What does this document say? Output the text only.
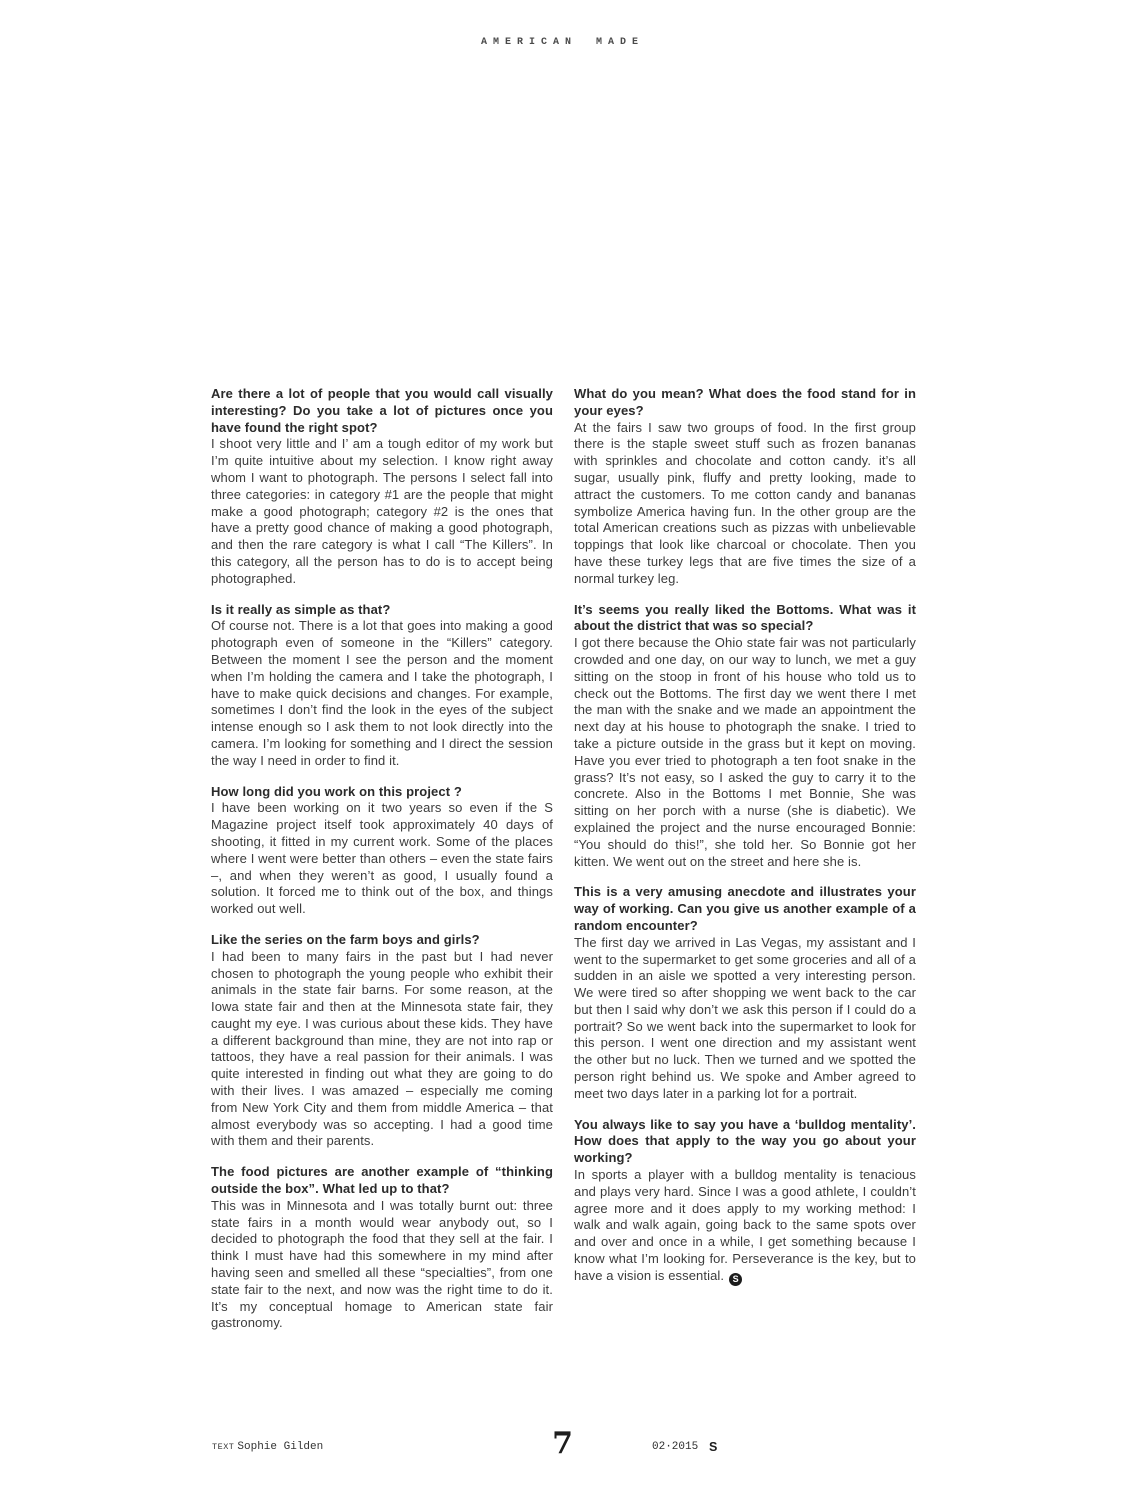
AMERICAN MADE
Are there a lot of people that you would call visually interesting? Do you take a lot of pictures once you have found the right spot?

I shoot very little and I’ am a tough editor of my work but I’m quite intuitive about my selection. I know right away whom I want to photograph. The persons I select fall into three categories: in category #1 are the people that might make a good photograph; category #2 is the ones that have a pretty good chance of making a good photograph, and then the rare category is what I call “The Killers”. In this category, all the person has to do is to accept being photographed.

Is it really as simple as that?

Of course not. There is a lot that goes into making a good photograph even of someone in the “Killers” category. Between the moment I see the person and the moment when I’m holding the camera and I take the photograph, I have to make quick decisions and changes. For example, sometimes I don’t find the look in the eyes of the subject intense enough so I ask them to not look directly into the camera. I’m looking for something and I direct the session the way I need in order to find it.

How long did you work on this project ?

I have been working on it two years so even if the S Magazine project itself took approximately 40 days of shooting, it fitted in my current work. Some of the places where I went were better than others – even the state fairs –, and when they weren’t as good, I usually found a solution. It forced me to think out of the box, and things worked out well.

Like the series on the farm boys and girls?

I had been to many fairs in the past but I had never chosen to photograph the young people who exhibit their animals in the state fair barns. For some reason, at the Iowa state fair and then at the Minnesota state fair, they caught my eye. I was curious about these kids. They have a different background than mine, they are not into rap or tattoos, they have a real passion for their animals. I was quite interested in finding out what they are going to do with their lives. I was amazed – especially me coming from New York City and them from middle America – that almost everybody was so accepting. I had a good time with them and their parents.

The food pictures are another example of “thinking outside the box”. What led up to that?

This was in Minnesota and I was totally burnt out: three state fairs in a month would wear anybody out, so I decided to photograph the food that they sell at the fair. I think I must have had this somewhere in my mind after having seen and smelled all these “specialties”, from one state fair to the next, and now was the right time to do it. It’s my conceptual homage to American state fair gastronomy.

What do you mean? What does the food stand for in your eyes?

At the fairs I saw two groups of food. In the first group there is the staple sweet stuff such as frozen bananas with sprinkles and chocolate and cotton candy. it’s all sugar, usually pink, fluffy and pretty looking, made to attract the customers. To me cotton candy and bananas symbolize America having fun. In the other group are the total American creations such as pizzas with unbelievable toppings that look like charcoal or chocolate. Then you have these turkey legs that are five times the size of a normal turkey leg.

It’s seems you really liked the Bottoms. What was it about the district that was so special?

I got there because the Ohio state fair was not particularly crowded and one day, on our way to lunch, we met a guy sitting on the stoop in front of his house who told us to check out the Bottoms. The first day we went there I met the man with the snake and we made an appointment the next day at his house to photograph the snake. I tried to take a picture outside in the grass but it kept on moving. Have you ever tried to photograph a ten foot snake in the grass? It’s not easy, so I asked the guy to carry it to the concrete. Also in the Bottoms I met Bonnie, She was sitting on her porch with a nurse (she is diabetic). We explained the project and the nurse encouraged Bonnie: “You should do this!”, she told her. So Bonnie got her kitten. We went out on the street and here she is.

This is a very amusing anecdote and illustrates your way of working. Can you give us another example of a random encounter?

The first day we arrived in Las Vegas, my assistant and I went to the supermarket to get some groceries and all of a sudden in an aisle we spotted a very interesting person. We were tired so after shopping we went back to the car but then I said why don’t we ask this person if I could do a portrait? So we went back into the supermarket to look for this person. I went one direction and my assistant went the other but no luck. Then we turned and we spotted the person right behind us. We spoke and Amber agreed to meet two days later in a parking lot for a portrait.

You always like to say you have a ‘bulldog mentality’. How does that apply to the way you go about your working?

In sports a player with a bulldog mentality is tenacious and plays very hard. Since I was a good athlete, I couldn’t agree more and it does apply to my working method: I walk and walk again, going back to the same spots over and over and once in a while, I get something because I know what I’m looking for. Perseverance is the key, but to have a vision is essential. S

TEXT Sophie Gilden	7	02·2015 S
